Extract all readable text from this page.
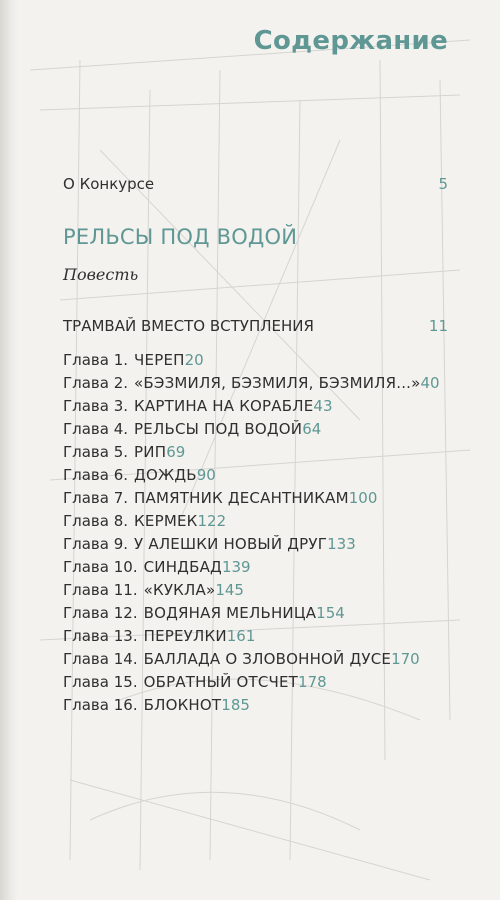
Содержание
О Конкурсе	5
РЕЛЬСЫ ПОД ВОДОЙ
Повесть
ТРАМВАЙ ВМЕСТО ВСТУПЛЕНИЯ	11
Глава 1. ЧЕРЕП 20
Глава 2. «БЭЗМИЛЯ, БЭЗМИЛЯ, БЭЗМИЛЯ...» 40
Глава 3. КАРТИНА НА КОРАБЛЕ 43
Глава 4. РЕЛЬСЫ ПОД ВОДОЙ 64
Глава 5. РИП 69
Глава 6. ДОЖДЬ 90
Глава 7. ПАМЯТНИК ДЕСАНТНИКАМ 100
Глава 8. КЕРМЕК 122
Глава 9. У АЛЕШКИ НОВЫЙ ДРУГ 133
Глава 10. СИНДБАД 139
Глава 11. «КУКЛА» 145
Глава 12. ВОДЯНАЯ МЕЛЬНИЦА 154
Глава 13. ПЕРЕУЛКИ 161
Глава 14. БАЛЛАДА О ЗЛОВОННОЙ ДУСЕ 170
Глава 15. ОБРАТНЫЙ ОТСЧЕТ 178
Глава 16. БЛОКНОТ 185
